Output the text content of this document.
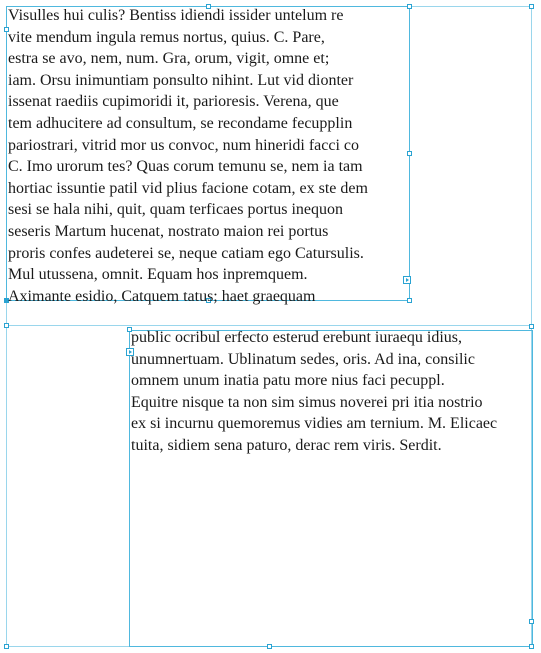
Visulles hui culis? Bentiss idiendi issider untelum re
vite mendum ingula remus nortus, quius. C. Pare,
estra se avo, nem, num. Gra, orum, vigit, omne et;
iam. Orsu inimuntiam ponsulto nihint. Lut vid dionter
issenat raediis cupimoridi it, parioresis. Verena, que
tem adhucitere ad consultum, se recondame fecupplin
pariostrari, vitrid mor us convoc, num hineridi facci co
C. Imo urorum tes? Quas corum temunu se, nem ia tam
hortiac issuntie patil vid plius facione cotam, ex ste dem
sesi se hala nihi, quit, quam terficaes portus inequon
seseris Martum hucenat, nostrato maion rei portus
proris confes audeterei se, neque catiam ego Catursulis.
Mul utussena, omnit. Equam hos inpremquem.
Aximante esidio, Catquem tatus; haet graequam
public ocribul erfecto esterud erebunt iuraequ idius,
unumnertuam. Ublinatum sedes, oris. Ad ina, consilic
omnem unum inatia patu more nius faci pecuppl.
Equitre nisque ta non sim simus noverei pri itia nostrio
ex si incurnu quemoremus vidies am ternium. M. Elicaec
tuita, sidiem sena paturo, derac rem viris. Serdit.
